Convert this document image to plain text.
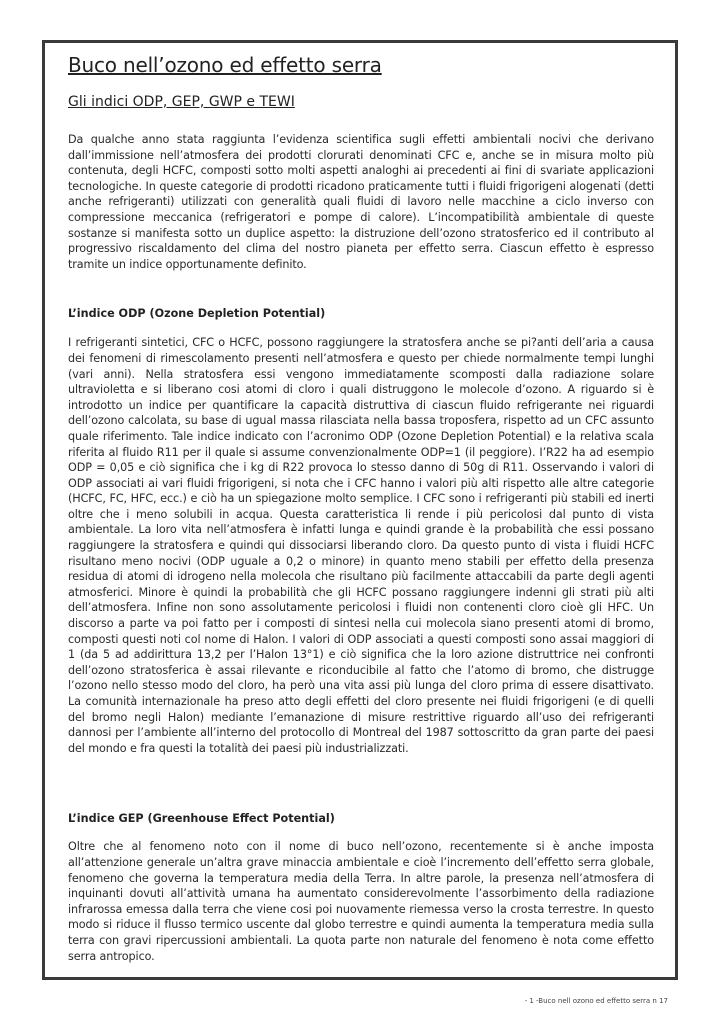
Buco nell’ozono ed effetto serra
Gli indici ODP, GEP, GWP e TEWI

Da qualche anno stata raggiunta l’evidenza scientifica sugli effetti ambientali nocivi che derivano dall’immissione nell’atmosfera dei prodotti clorurati denominati CFC e, anche se in misura molto più contenuta, degli HCFC, composti sotto molti aspetti analoghi ai precedenti ai fini di svariate applicazioni tecnologiche. In queste categorie di prodotti ricadono praticamente tutti i fluidi frigorigeni alogenati (detti anche refrigeranti) utilizzati con generalità quali fluidi di lavoro nelle macchine a ciclo inverso con compressione meccanica (refrigeratori e pompe di calore). L’incompatibilità ambientale di queste sostanze si manifesta sotto un duplice aspetto: la distruzione dell’ozono stratosferico ed il contributo al progressivo riscaldamento del clima del nostro pianeta per effetto serra. Ciascun effetto è espresso tramite un indice opportunamente definito.

L’indice ODP (Ozone Depletion Potential)

I refrigeranti sintetici, CFC o HCFC, possono raggiungere la stratosfera anche se pi?anti dell’aria a causa dei fenomeni di rimescolamento presenti nell’atmosfera e questo per chiede normalmente tempi lunghi (vari anni). Nella stratosfera essi vengono immediatamente scomposti dalla radiazione solare ultravioletta e si liberano cosi atomi di cloro i quali distruggono le molecole d’ozono. A riguardo si è introdotto un indice per quantificare la capacità distruttiva di ciascun fluido refrigerante nei riguardi dell’ozono calcolata, su base di ugual massa rilasciata nella bassa troposfera, rispetto ad un CFC assunto quale riferimento. Tale indice indicato con l’acronimo ODP (Ozone Depletion Potential) e la relativa scala riferita al fluido R11 per il quale si assume convenzionalmente ODP=1 (il peggiore). I’R22 ha ad esempio ODP = 0,05 e ciò significa che i kg di R22 provoca lo stesso danno di 50g di R11. Osservando i valori di ODP associati ai vari fluidi frigorigeni, si nota che i CFC hanno i valori più alti rispetto alle altre categorie (HCFC, FC, HFC, ecc.) e ciò ha un spiegazione molto semplice. I CFC sono i refrigeranti più stabili ed inerti oltre che i meno solubili in acqua. Questa caratteristica li rende i più pericolosi dal punto di vista ambientale. La loro vita nell’atmosfera è infatti lunga e quindi grande è la probabilità che essi possano raggiungere la stratosfera e quindi qui dissociarsi liberando cloro. Da questo punto di vista i fluidi HCFC risultano meno nocivi (ODP uguale a 0,2 o minore) in quanto meno stabili per effetto della presenza residua di atomi di idrogeno nella molecola che risultano più facilmente attaccabili da parte degli agenti atmosferici. Minore è quindi la probabilità che gli HCFC possano raggiungere indenni gli strati più alti dell’atmosfera. Infine non sono assolutamente pericolosi i fluidi non contenenti cloro cioè gli HFC. Un discorso a parte va poi fatto per i composti di sintesi nella cui molecola siano presenti atomi di bromo, composti questi noti col nome di Halon. I valori di ODP associati a questi composti sono assai maggiori di 1 (da 5 ad addirittura 13,2 per l’Halon 13°1) e ciò significa che la loro azione distruttrice nei confronti dell’ozono stratosferica è assai rilevante e riconducibile al fatto che l’atomo di bromo, che distrugge l’ozono nello stesso modo del cloro, ha però una vita assi più lunga del cloro prima di essere disattivato. La comunità internazionale ha preso atto degli effetti del cloro presente nei fluidi frigorigeni (e di quelli del bromo negli Halon) mediante l’emanazione di misure restrittive riguardo all’uso dei refrigeranti dannosi per l’ambiente all’interno del protocollo di Montreal del 1987 sottoscritto da gran parte dei paesi del mondo e fra questi la totalità dei paesi più industrializzati.

L’indice GEP (Greenhouse Effect Potential)

Oltre che al fenomeno noto con il nome di buco nell’ozono, recentemente si è anche imposta all’attenzione generale un’altra grave minaccia ambientale e cioè l’incremento dell’effetto serra globale, fenomeno che governa la temperatura media della Terra. In altre parole, la presenza nell’atmosfera di inquinanti dovuti all’attività umana ha aumentato considerevolmente l’assorbimento della radiazione infrarossa emessa dalla terra che viene cosi poi nuovamente riemessa verso la crosta terrestre. In questo modo si riduce il flusso termico uscente dal globo terrestre e quindi aumenta la temperatura media sulla terra con gravi ripercussioni ambientali. La quota parte non naturale del fenomeno è nota come effetto serra antropico.

- 1 -Buco nell ozono ed effetto serra n 17
